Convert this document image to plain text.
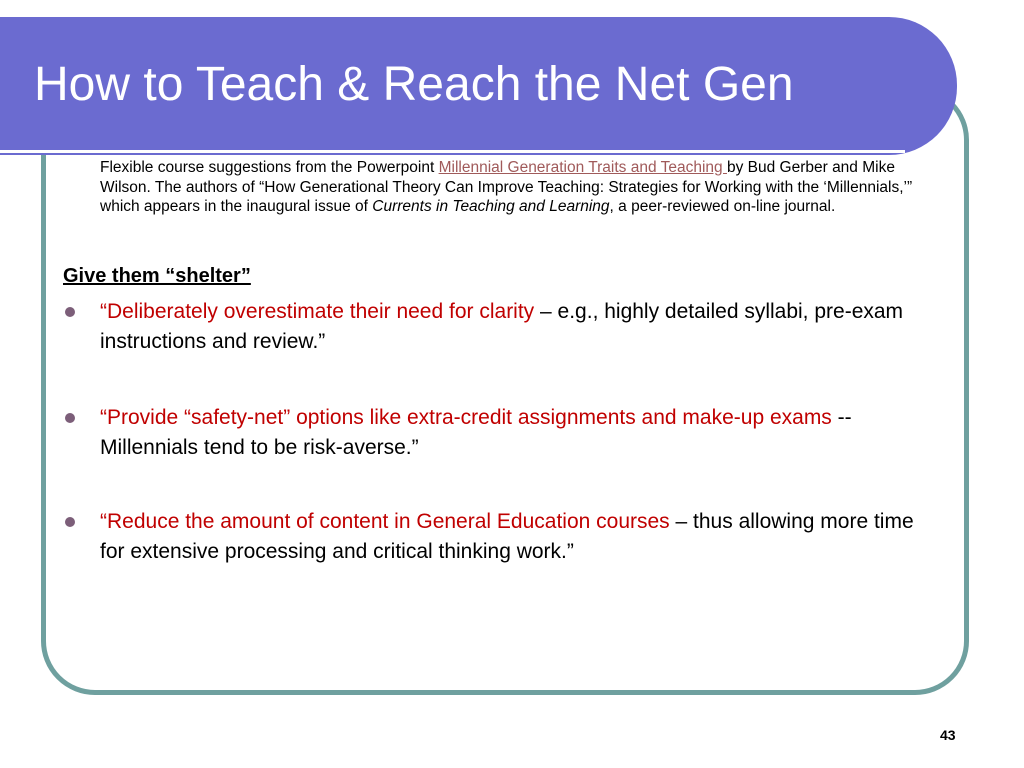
How to Teach & Reach the Net Gen

Flexible course suggestions from the Powerpoint Millennial Generation Traits and Teaching by Bud Gerber and Mike Wilson. The authors of “How Generational Theory Can Improve Teaching: Strategies for Working with the ‘Millennials,’” which appears in the inaugural issue of Currents in Teaching and Learning, a peer-reviewed on-line journal.

Give them “shelter”
“Deliberately overestimate their need for clarity – e.g., highly detailed syllabi, pre-exam instructions and review.”
“Provide “safety-net” options like extra-credit assignments and make-up exams -- Millennials tend to be risk-averse.”
“Reduce the amount of content in General Education courses – thus allowing more time for extensive processing and critical thinking work.”
43
